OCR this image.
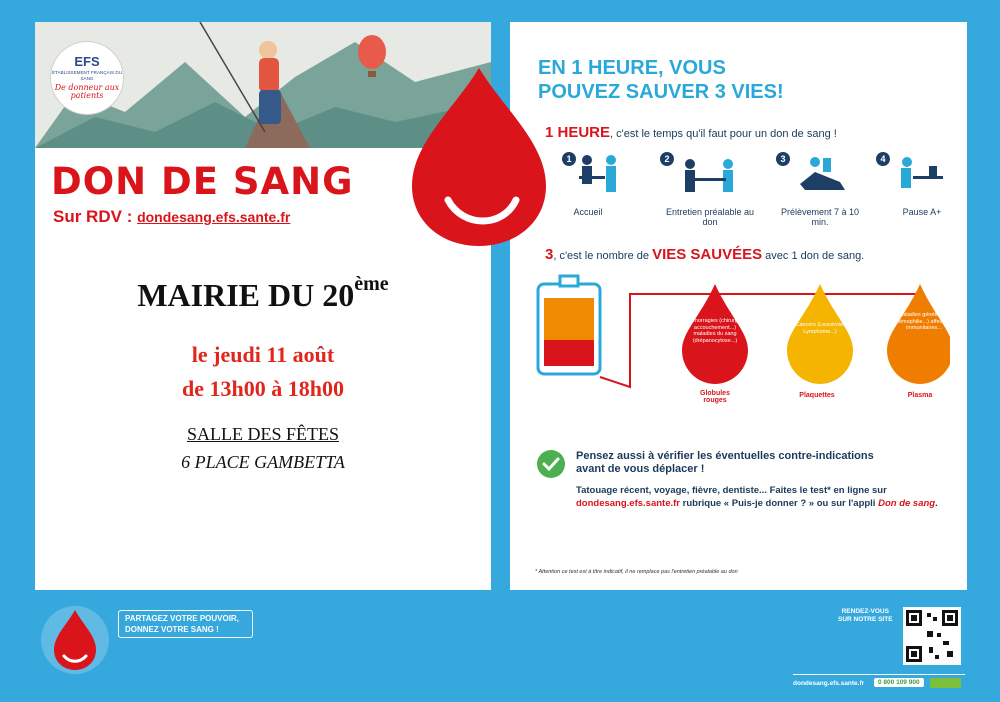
EFS
ÉTABLISSEMENT FRANÇAIS DU SANG
De donneur aux patients
DON DE SANG
Sur RDV : dondesang.efs.sante.fr
MAIRIE DU 20ème
le jeudi 11 août
de 13h00 à 18h00
SALLE DES FÊTES
6 PLACE GAMBETTA
EN 1 HEURE, VOUS
POUVEZ SAUVER 3 VIES!
1 HEURE, c'est le temps qu'il faut pour un don de sang !
1	2	3	4
Accueil	Entretien préalable au don
Prélèvement 7 à 10 min.
Pause A+
3, c'est le nombre de VIES SAUVÉES avec 1 don de sang.
Hémorragies (chirurgie, accouchement...) maladies du sang (drépanocytose...)
Cancers (Leucémie, Lymphome...)
Maladies génétiques (hémophilie...) affections immunitaires...
Globules rouges
Plaquettes	Plasma
Pensez aussi à vérifier les éventuelles contre-indications
avant de vous déplacer !
Tatouage récent, voyage, fièvre, dentiste... Faites le test* en ligne sur
dondesang.efs.sante.fr rubrique « Puis-je donner ? » ou sur l'appli Don de sang.
* Attention ce test est à titre indicatif, il ne remplace pas l'entretien préalable au don
PARTAGEZ VOTRE POUVOIR,
DONNEZ VOTRE SANG !
RENDEZ-VOUS
SUR NOTRE SITE
dondesang.efs.sante.fr	0 800 109 900
